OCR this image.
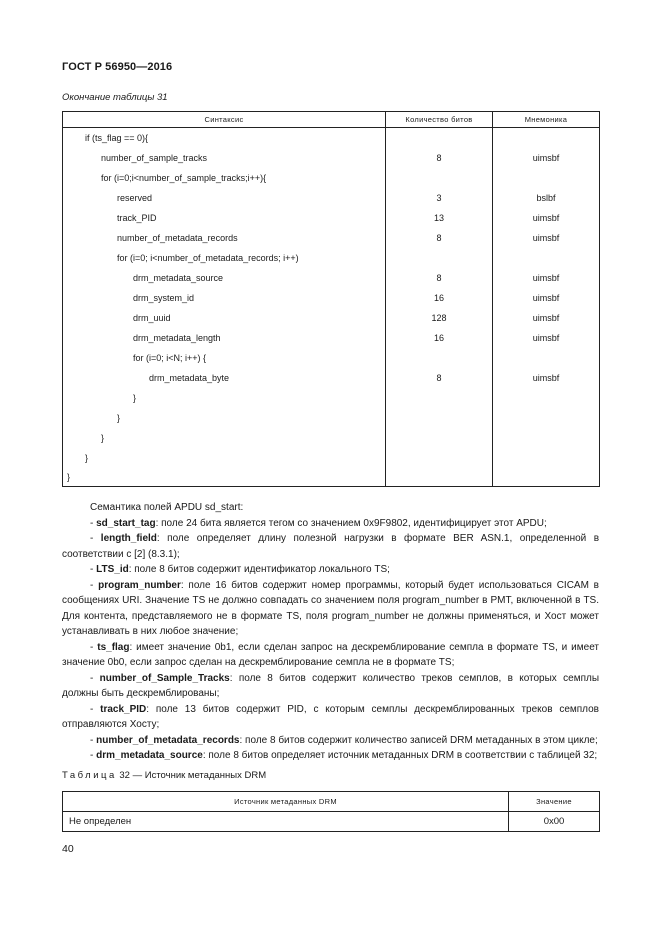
ГОСТ Р 56950—2016
Окончание таблицы 31
Синтаксис	Количество битов	Мнемоника
if (ts_flag == 0){		
number_of_sample_tracks	8	uimsbf
for (i=0;i<number_of_sample_tracks;i++){		
reserved	3	bslbf
track_PID	13	uimsbf
number_of_metadata_records	8	uimsbf
for (i=0; i<number_of_metadata_records; i++)		
drm_metadata_source	8	uimsbf
drm_system_id	16	uimsbf
drm_uuid	128	uimsbf
drm_metadata_length	16	uimsbf
for (i=0; i<N; i++) {		
drm_metadata_byte	8	uimsbf
}		
}		
}		
}		
}		

Семантика полей APDU sd_start:

- sd_start_tag: поле 24 бита является тегом со значением 0x9F9802, идентифицирует этот APDU;

- length_field: поле определяет длину полезной нагрузки в формате BER ASN.1, определенной в соответствии с [2] (8.3.1);

- LTS_id: поле 8 битов содержит идентификатор локального TS;

- program_number: поле 16 битов содержит номер программы, который будет использоваться CICAM в сообщениях URI. Значение TS не должно совпадать со значением поля program_number в PMT, включенной в TS. Для контента, представляемого не в формате TS, поля program_number не должны применяться, и Хост может устанавливать в них любое значение;

- ts_flag: имеет значение 0b1, если сделан запрос на дескремблирование семпла в формате TS, и имеет значение 0b0, если запрос сделан на дескремблирование семпла не в формате TS;

- number_of_Sample_Tracks: поле 8 битов содержит количество треков семплов, в которых семплы должны быть дескремблированы;

- track_PID: поле 13 битов содержит PID, с которым семплы дескремблированных треков семплов отправляются Хосту;

- number_of_metadata_records: поле 8 битов содержит количество записей DRM метаданных в этом цикле;

- drm_metadata_source: поле 8 битов определяет источник метаданных DRM в соответствии с таблицей 32;

Таблица 32 — Источник метаданных DRM
Источник метаданных DRM	Значение
Не определен	0x00
40
